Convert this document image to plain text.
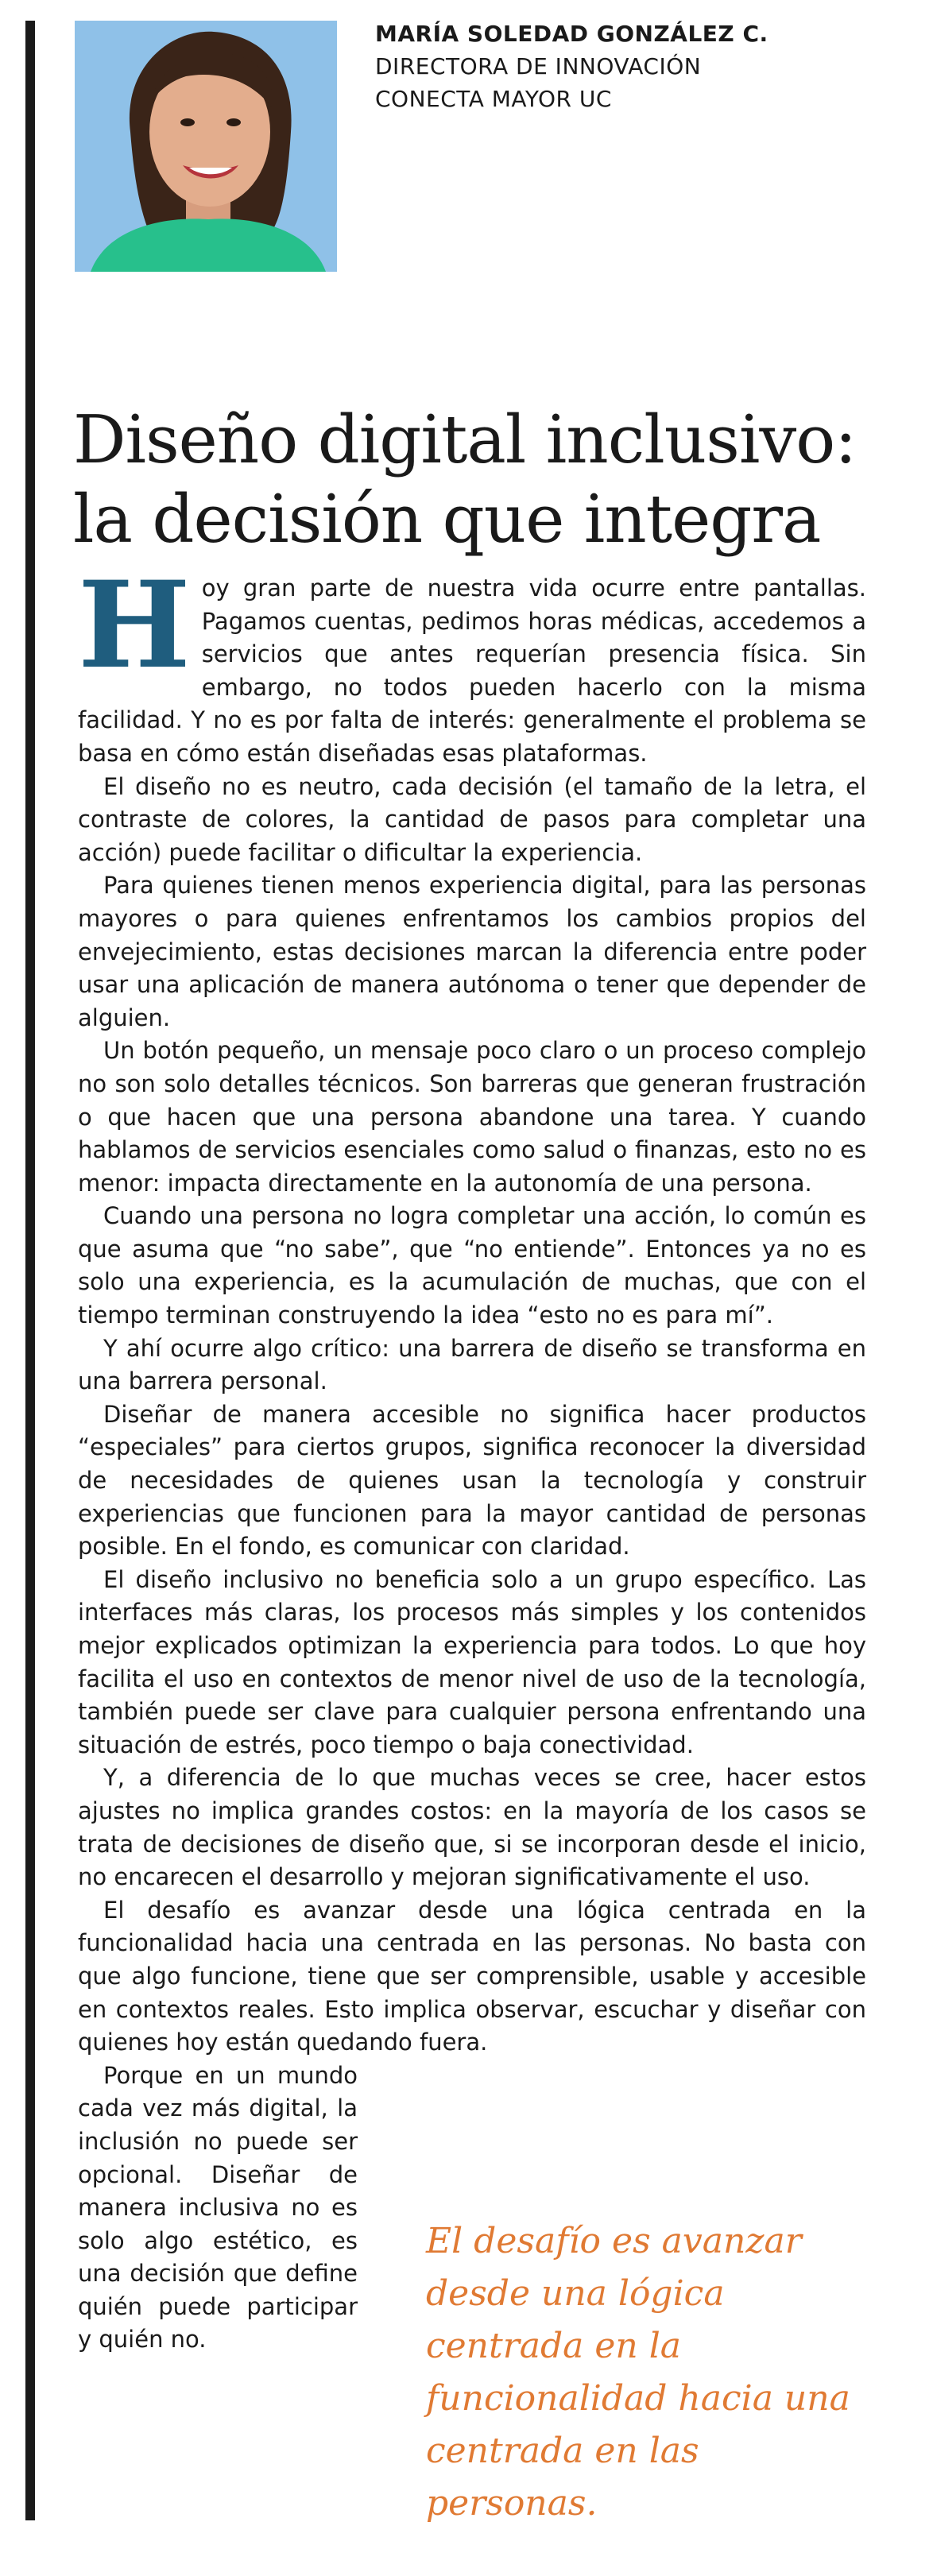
MARÍA SOLEDAD GONZÁLEZ C.
DIRECTORA DE INNOVACIÓN
CONECTA MAYOR UC
Diseño digital inclusivo:
la decisión que integra

Hoy gran parte de nuestra vida ocurre entre pantallas. Pagamos cuentas, pedimos horas médicas, accedemos a servicios que antes requerían presencia física. Sin embargo, no todos pueden hacerlo con la misma facilidad. Y no es por falta de interés: generalmente el problema se basa en cómo están diseñadas esas plataformas.

El diseño no es neutro, cada decisión (el tamaño de la letra, el contraste de colores, la cantidad de pasos para completar una acción) puede facilitar o dificultar la experiencia.

Para quienes tienen menos experiencia digital, para las personas mayores o para quienes enfrentamos los cambios propios del envejecimiento, estas decisiones marcan la diferencia entre poder usar una aplicación de manera autónoma o tener que depender de alguien.

Un botón pequeño, un mensaje poco claro o un proceso complejo no son solo detalles técnicos. Son barreras que generan frustración o que hacen que una persona abandone una tarea. Y cuando hablamos de servicios esenciales como salud o finanzas, esto no es menor: impacta directamente en la autonomía de una persona.

Cuando una persona no logra completar una acción, lo común es que asuma que “no sabe”, que “no entiende”. Entonces ya no es solo una experiencia, es la acumulación de muchas, que con el tiempo terminan construyendo la idea “esto no es para mí”.

Y ahí ocurre algo crítico: una barrera de diseño se transforma en una barrera personal.

Diseñar de manera accesible no significa hacer productos “especiales” para ciertos grupos, significa reconocer la diversidad de necesidades de quienes usan la tecnología y construir experiencias que funcionen para la mayor cantidad de personas posible. En el fondo, es comunicar con claridad.

El diseño inclusivo no beneficia solo a un grupo específico. Las interfaces más claras, los procesos más simples y los contenidos mejor explicados optimizan la experiencia para todos. Lo que hoy facilita el uso en contextos de menor nivel de uso de la tecnología, también puede ser clave para cualquier persona enfrentando una situación de estrés, poco tiempo o baja conectividad.

Y, a diferencia de lo que muchas veces se cree, hacer estos ajustes no implica grandes costos: en la mayoría de los casos se trata de decisiones de diseño que, si se incorporan desde el inicio, no encarecen el desarrollo y mejoran significativamente el uso.

El desafío es avanzar desde una lógica centrada en la funcionalidad hacia una centrada en las personas. No basta con que algo funcione, tiene que ser comprensible, usable y accesible en contextos reales. Esto implica observar, escuchar y diseñar con quienes hoy están quedando fuera.

Porque en un mundo cada vez más digital, la inclusión no puede ser opcional. Diseñar de manera inclusiva no es solo algo estético, es una decisión que define quién puede participar y quién no.

El desafío es avanzar desde una lógica centrada en la funcionalidad hacia una centrada en las personas.
